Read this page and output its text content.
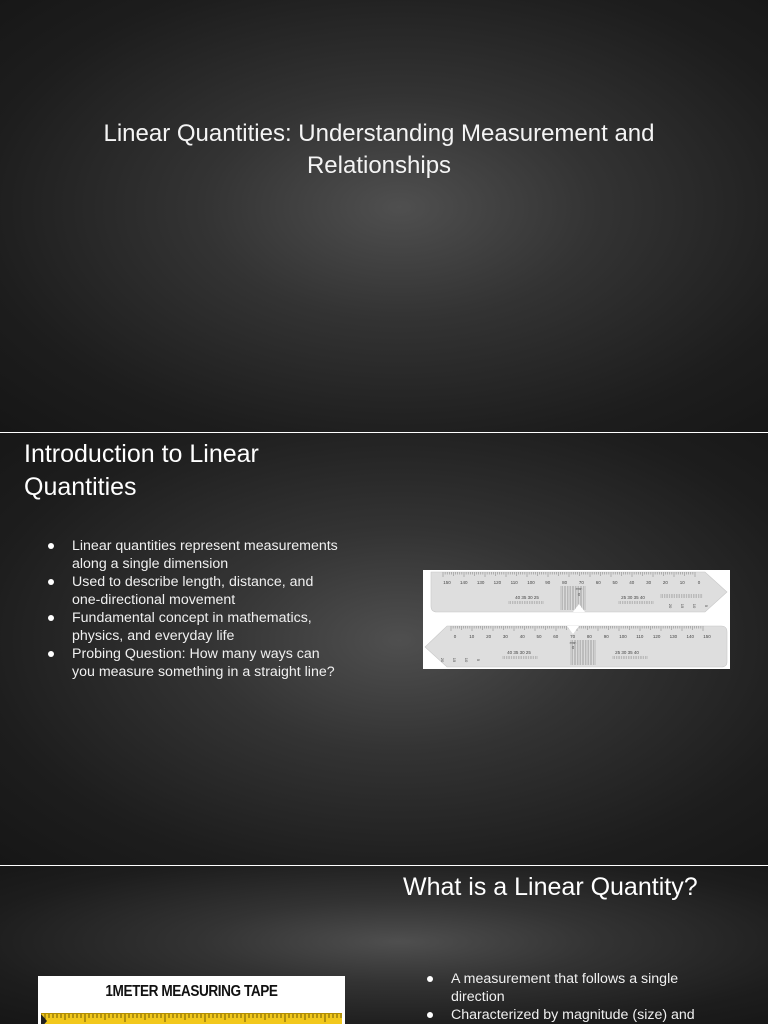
Linear Quantities: Understanding Measurement and Relationships
Introduction to Linear Quantities
Linear quantities represent measurements along a single dimension
Used to describe length, distance, and one-directional movement
Fundamental concept in mathematics, physics, and everyday life
Probing Question: How many ways can you measure something in a straight line?
150 140 130 120 110 100 90	80	70	60	50	40	30	20	10	0
0	10	20	30	40	50	60	70	80	90 100 110 120 130 140 150
40 35 30 25	25 30 35 40
40 35 30 25	25 30 35 40
mm
0
mm
0
20 15 10 5
20 15 10 5
What is a Linear Quantity?
A measurement that follows a single direction
Characterized by magnitude (size) and
1METER MEASURING TAPE
